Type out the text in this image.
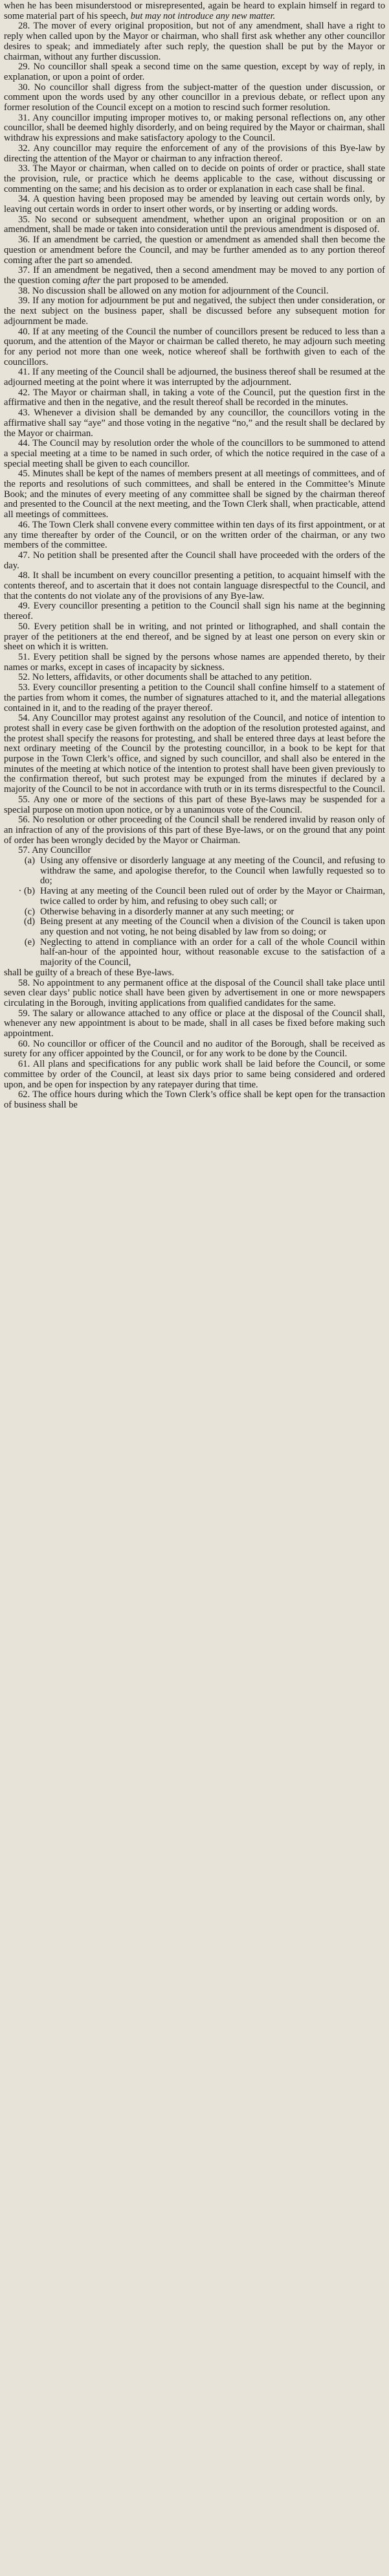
when he has been misunderstood or misrepresented, again be heard to explain himself in regard to some material part of his speech, but may not introduce any new matter.

28. The mover of every original proposition, but not of any amendment, shall have a right to reply when called upon by the Mayor or chairman, who shall first ask whether any other councillor desires to speak; and immediately after such reply, the question shall be put by the Mayor or chairman, without any further discussion.

29. No councillor shall speak a second time on the same question, except by way of reply, in explanation, or upon a point of order.

30. No councillor shall digress from the subject-matter of the question under discussion, or comment upon the words used by any other councillor in a previous debate, or reflect upon any former resolution of the Council except on a motion to rescind such former resolution.

31. Any councillor imputing improper motives to, or making personal reflections on, any other councillor, shall be deemed highly disorderly, and on being required by the Mayor or chairman, shall withdraw his expressions and make satisfactory apology to the Council.

32. Any councillor may require the enforcement of any of the provisions of this Bye-law by directing the attention of the Mayor or chairman to any infraction thereof.

33. The Mayor or chairman, when called on to decide on points of order or practice, shall state the provision, rule, or practice which he deems applicable to the case, without discussing or commenting on the same; and his decision as to order or explanation in each case shall be final.

34. A question having been proposed may be amended by leaving out certain words only, by leaving out certain words in order to insert other words, or by inserting or adding words.

35. No second or subsequent amendment, whether upon an original proposition or on an amendment, shall be made or taken into consideration until the previous amendment is disposed of.

36. If an amendment be carried, the question or amendment as amended shall then become the question or amendment before the Council, and may be further amended as to any portion thereof coming after the part so amended.

37. If an amendment be negatived, then a second amendment may be moved to any portion of the question coming after the part proposed to be amended.

38. No discussion shall be allowed on any motion for adjournment of the Council.

39. If any motion for adjournment be put and negatived, the subject then under consideration, or the next subject on the business paper, shall be discussed before any subsequent motion for adjournment be made.

40. If at any meeting of the Council the number of councillors present be reduced to less than a quorum, and the attention of the Mayor or chairman be called thereto, he may adjourn such meeting for any period not more than one week, notice whereof shall be forthwith given to each of the councillors.

41. If any meeting of the Council shall be adjourned, the business thereof shall be resumed at the adjourned meeting at the point where it was interrupted by the adjournment.

42. The Mayor or chairman shall, in taking a vote of the Council, put the question first in the affirmative and then in the negative, and the result thereof shall be recorded in the minutes.

43. Whenever a division shall be demanded by any councillor, the councillors voting in the affirmative shall say “aye” and those voting in the negative “no,” and the result shall be declared by the Mayor or chairman.

44. The Council may by resolution order the whole of the councillors to be summoned to attend a special meeting at a time to be named in such order, of which the notice required in the case of a special meeting shall be given to each councillor.

45. Minutes shall be kept of the names of members present at all meetings of committees, and of the reports and resolutions of such committees, and shall be entered in the Committee’s Minute Book; and the minutes of every meeting of any committee shall be signed by the chairman thereof and presented to the Council at the next meeting, and the Town Clerk shall, when practicable, attend all meetings of committees.

46. The Town Clerk shall convene every committee within ten days of its first appointment, or at any time thereafter by order of the Council, or on the written order of the chairman, or any two members of the committee.

47. No petition shall be presented after the Council shall have proceeded with the orders of the day.

48. It shall be incumbent on every councillor presenting a petition, to acquaint himself with the contents thereof, and to ascertain that it does not contain language disrespectful to the Council, and that the contents do not violate any of the provisions of any Bye-law.

49. Every councillor presenting a petition to the Council shall sign his name at the beginning thereof.

50. Every petition shall be in writing, and not printed or lithographed, and shall contain the prayer of the petitioners at the end thereof, and be signed by at least one person on every skin or sheet on which it is written.

51. Every petition shall be signed by the persons whose names are appended thereto, by their names or marks, except in cases of incapacity by sickness.

52. No letters, affidavits, or other documents shall be attached to any petition.

53. Every councillor presenting a petition to the Council shall confine himself to a statement of the parties from whom it comes, the number of signatures attached to it, and the material allegations contained in it, and to the reading of the prayer thereof.

54. Any Councillor may protest against any resolution of the Council, and notice of intention to protest shall in every case be given forthwith on the adoption of the resolution protested against, and the protest shall specify the reasons for protesting, and shall be entered three days at least before the next ordinary meeting of the Council by the protesting councillor, in a book to be kept for that purpose in the Town Clerk’s office, and signed by such councillor, and shall also be entered in the minutes of the meeting at which notice of the intention to protest shall have been given previously to the confirmation thereof, but such protest may be expunged from the minutes if declared by a majority of the Council to be not in accordance with truth or in its terms disrespectful to the Council.

55. Any one or more of the sections of this part of these Bye-laws may be suspended for a special purpose on motion upon notice, or by a unanimous vote of the Council.

56. No resolution or other proceeding of the Council shall be rendered invalid by reason only of an infraction of any of the provisions of this part of these Bye-laws, or on the ground that any point of order has been wrongly decided by the Mayor or Chairman.

57. Any Councillor

(a) Using any offensive or disorderly language at any meeting of the Council, and refusing to withdraw the same, and apologise therefor, to the Council when lawfully requested so to do;
· (b) Having at any meeting of the Council been ruled out of order by the Mayor or Chairman, twice called to order by him, and refusing to obey such call; or
(c) Otherwise behaving in a disorderly manner at any such meeting; or
(d) Being present at any meeting of the Council when a division of the Council is taken upon any question and not voting, he not being disabled by law from so doing; or
(e) Neglecting to attend in compliance with an order for a call of the whole Council within half-an-hour of the appointed hour, without reasonable excuse to the satisfaction of a majority of the Council,

shall be guilty of a breach of these Bye-laws.

58. No appointment to any permanent office at the disposal of the Council shall take place until seven clear days’ public notice shall have been given by advertisement in one or more newspapers circulating in the Borough, inviting applications from qualified candidates for the same.

59. The salary or allowance attached to any office or place at the disposal of the Council shall, whenever any new appointment is about to be made, shall in all cases be fixed before making such appointment.

60. No councillor or officer of the Council and no auditor of the Borough, shall be received as surety for any officer appointed by the Council, or for any work to be done by the Council.

61. All plans and specifications for any public work shall be laid before the Council, or some committee by order of the Council, at least six days prior to same being considered and ordered upon, and be open for inspection by any ratepayer during that time.

62. The office hours during which the Town Clerk’s office shall be kept open for the transaction of business shall be
